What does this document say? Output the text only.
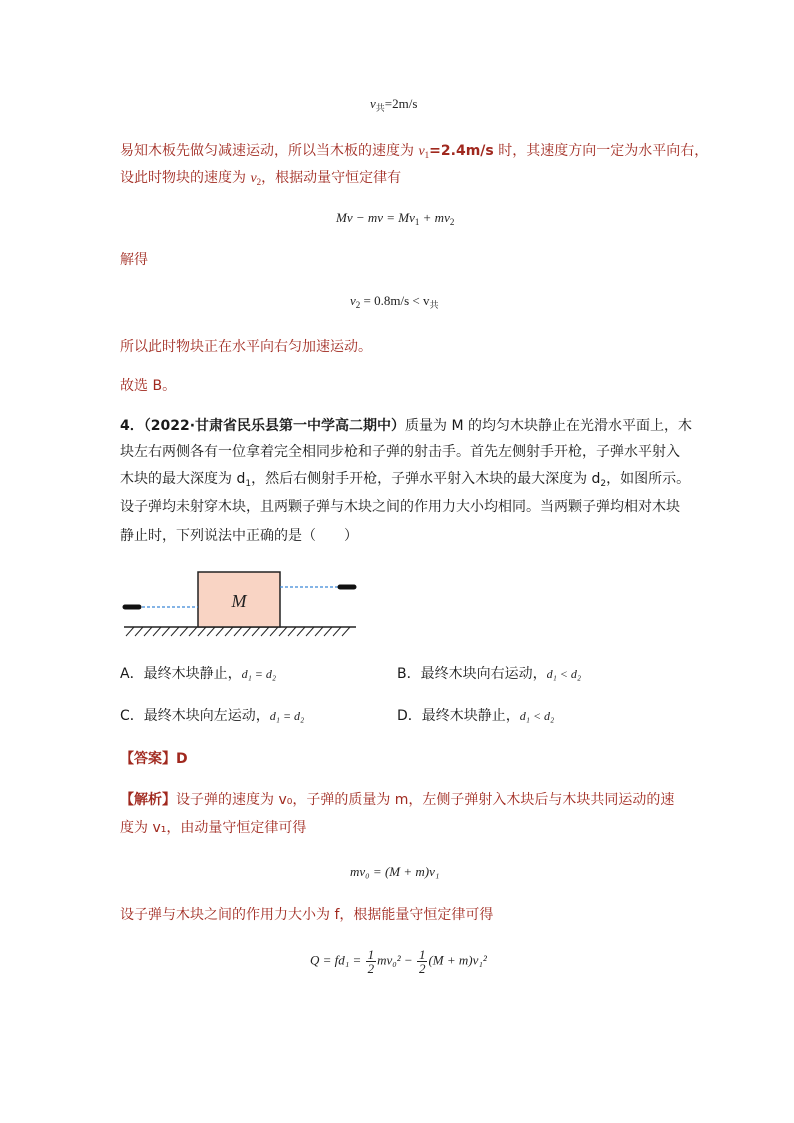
$v_共=2m/s$
易知木板先做匀减速运动，所以当木板的速度为 $v_1=2.4m/s$ 时，其速度方向一定为水平向右，
设此时物块的速度为 $v_2$，根据动量守恒定律有
Mv − mv = $Mv_1 + mv_2$
解得
$v_2 = 0.8m/s < v_共$
所以此时物块正在水平向右匀加速运动。
故选 B。
4．（2022·甘肃省民乐县第一中学高二期中）质量为 M 的均匀木块静止在光滑水平面上，木
块左右两侧各有一位拿着完全相同步枪和子弹的射击手。首先左侧射手开枪，子弹水平射入
木块的最大深度为 $d_1$，然后右侧射手开枪，子弹水平射入木块的最大深度为 $d_2$，如图所示。
设子弹均未射穿木块，且两颗子弹与木块之间的作用力大小均相同。当两颗子弹均相对木块
静止时，下列说法中正确的是（　　）
M
A．最终木块静止，d₁ = d₂	B．最终木块向右运动，d₁ < d₂
C．最终木块向左运动，d₁ = d₂	D．最终木块静止，d₁ < d₂
【答案】D
【解析】设子弹的速度为 v₀，子弹的质量为 m，左侧子弹射入木块后与木块共同运动的速
度为 v₁，由动量守恒定律可得
mv₀ = (M + m)v₁
设子弹与木块之间的作用力大小为 f，根据能量守恒定律可得
$Q = fd_1 = \frac{1}{2} mv_0^2 - \frac{1}{2} (M + m)v_1^2$
